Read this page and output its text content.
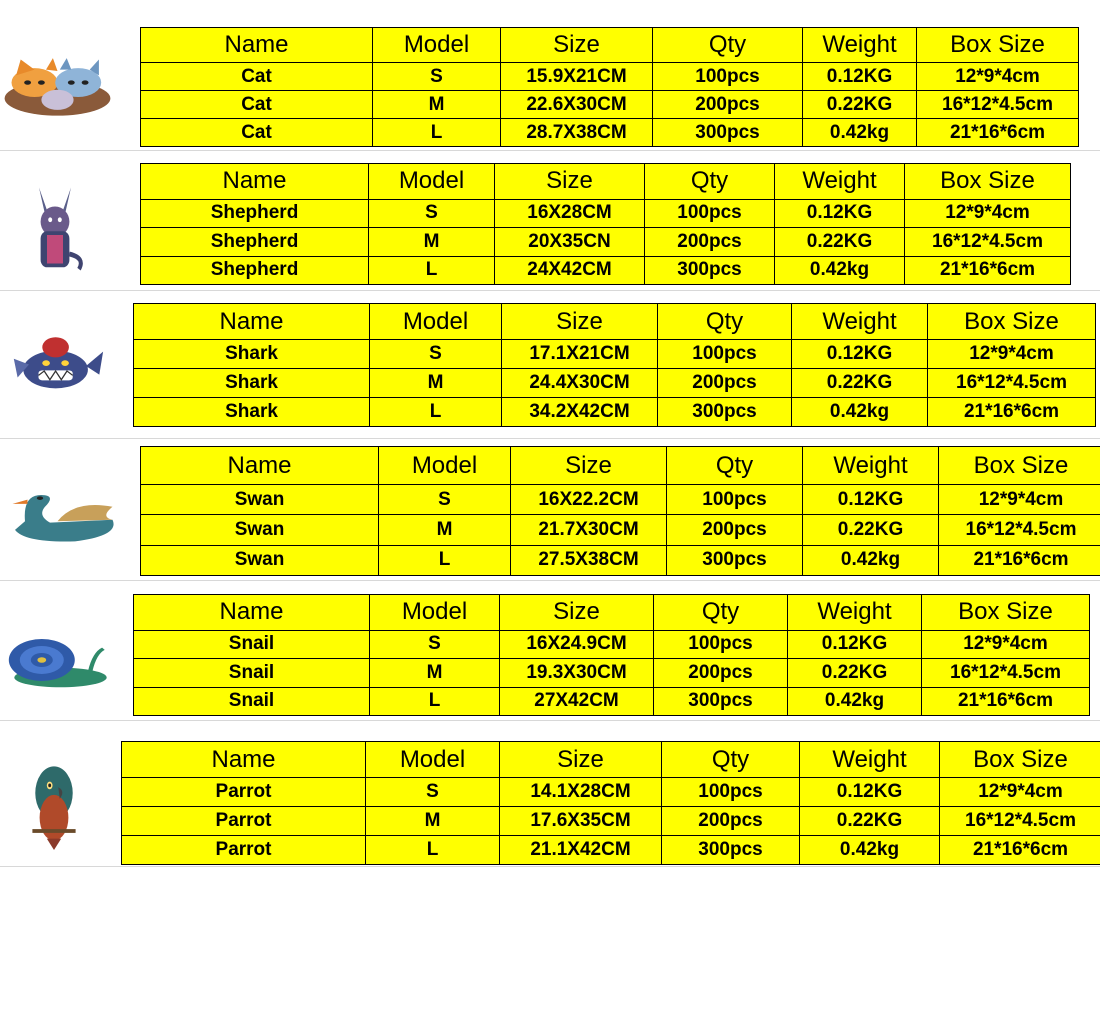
Name	Model	Size	Qty	Weight	Box Size
Cat	S	15.9X21CM	100pcs	0.12KG	12*9*4cm
Cat	M	22.6X30CM	200pcs	0.22KG	16*12*4.5cm
Cat	L	28.7X38CM	300pcs	0.42kg	21*16*6cm
Name	Model	Size	Qty	Weight	Box Size
Shepherd	S	16X28CM	100pcs	0.12KG	12*9*4cm
Shepherd	M	20X35CN	200pcs	0.22KG	16*12*4.5cm
Shepherd	L	24X42CM	300pcs	0.42kg	21*16*6cm
Name	Model	Size	Qty	Weight	Box Size
Shark	S	17.1X21CM	100pcs	0.12KG	12*9*4cm
Shark	M	24.4X30CM	200pcs	0.22KG	16*12*4.5cm
Shark	L	34.2X42CM	300pcs	0.42kg	21*16*6cm
Name	Model	Size	Qty	Weight	Box Size
Swan	S	16X22.2CM	100pcs	0.12KG	12*9*4cm
Swan	M	21.7X30CM	200pcs	0.22KG	16*12*4.5cm
Swan	L	27.5X38CM	300pcs	0.42kg	21*16*6cm
Name	Model	Size	Qty	Weight	Box Size
Snail	S	16X24.9CM	100pcs	0.12KG	12*9*4cm
Snail	M	19.3X30CM	200pcs	0.22KG	16*12*4.5cm
Snail	L	27X42CM	300pcs	0.42kg	21*16*6cm
Name	Model	Size	Qty	Weight	Box Size
Parrot	S	14.1X28CM	100pcs	0.12KG	12*9*4cm
Parrot	M	17.6X35CM	200pcs	0.22KG	16*12*4.5cm
Parrot	L	21.1X42CM	300pcs	0.42kg	21*16*6cm
